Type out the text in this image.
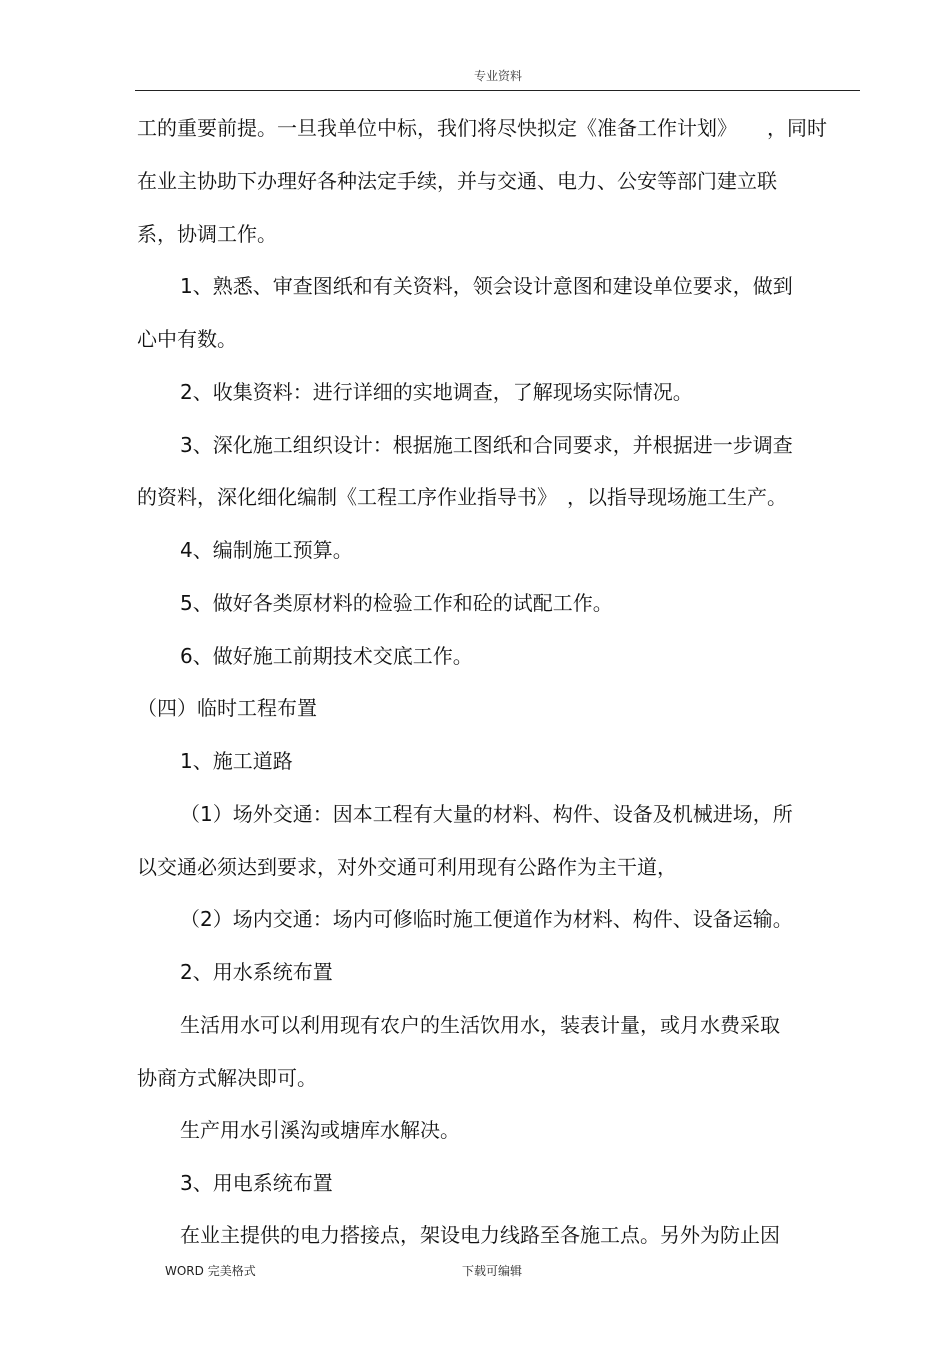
专业资料
工的重要前提。一旦我单位中标，我们将尽快拟定《准备工作计划》　　，同时
在业主协助下办理好各种法定手续，并与交通、电力、公安等部门建立联
系，协调工作。
1、熟悉、审查图纸和有关资料，领会设计意图和建设单位要求，做到
心中有数。
2、收集资料：进行详细的实地调查，了解现场实际情况。
3、深化施工组织设计：根据施工图纸和合同要求，并根据进一步调查
的资料，深化细化编制《工程工序作业指导书》　，以指导现场施工生产。
4、编制施工预算。
5、做好各类原材料的检验工作和砼的试配工作。
6、做好施工前期技术交底工作。
（四）临时工程布置
1、施工道路
（1）场外交通：因本工程有大量的材料、构件、设备及机械进场，所
以交通必须达到要求，对外交通可利用现有公路作为主干道，
（2）场内交通：场内可修临时施工便道作为材料、构件、设备运输。
2、用水系统布置
生活用水可以利用现有农户的生活饮用水，装表计量，或月水费采取
协商方式解决即可。
生产用水引溪沟或塘库水解决。
3、用电系统布置
在业主提供的电力搭接点，架设电力线路至各施工点。另外为防止因
WORD 完美格式	下载可编辑
